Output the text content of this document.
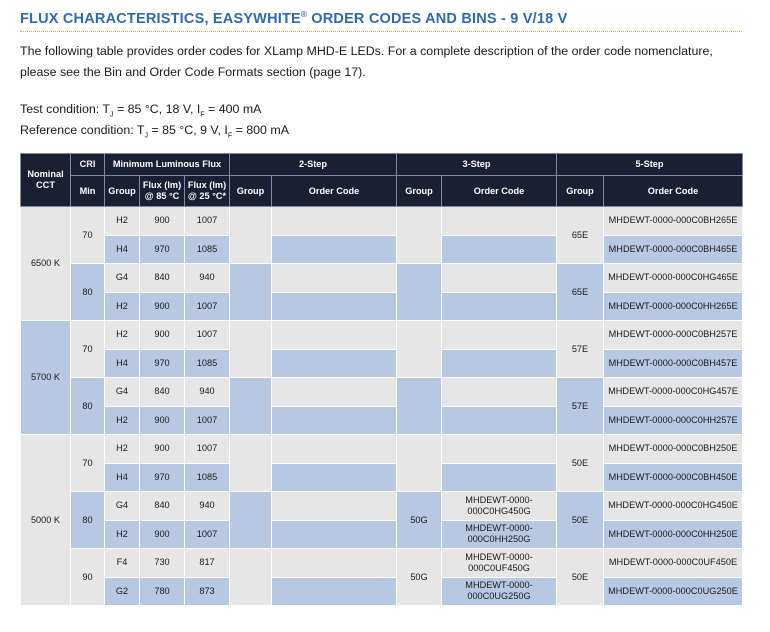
FLUX CHARACTERISTICS, EASYWHITE® ORDER CODES AND BINS - 9 V/18 V
The following table provides order codes for XLamp MHD-E LEDs. For a complete description of the order code nomenclature, please see the Bin and Order Code Formats section (page 17).
Test condition: $T_J = 85$ °C, 18 V, $I_F = 400$ mA
Reference condition: $T_J = 85$ °C, 9 V, $I_F = 800$ mA
Nominal CCT	CRI	Minimum Luminous Flux			2-Step		3-Step		5-Step	
	Min	Group	Flux (lm) @ 85 °C	Flux (lm) @ 25 °C*	Group	Order Code	Group	Order Code	Group	Order Code
6500 K	70	H2	900	1007					65E	MHDEWT-0000-000C0BH265E
		H4	970	1085						MHDEWT-0000-000C0BH465E
	80	G4	840	940					65E	MHDEWT-0000-000C0HG465E
		H2	900	1007						MHDEWT-0000-000C0HH265E
5700 K	70	H2	900	1007					57E	MHDEWT-0000-000C0BH257E
		H4	970	1085						MHDEWT-0000-000C0BH457E
	80	G4	840	940					57E	MHDEWT-0000-000C0HG457E
		H2	900	1007						MHDEWT-0000-000C0HH257E
5000 K	70	H2	900	1007					50E	MHDEWT-0000-000C0BH250E
		H4	970	1085						MHDEWT-0000-000C0BH450E
	80	G4	840	940			50G	MHDEWT-0000-000C0HG450G	50E	MHDEWT-0000-000C0HG450E
		H2	900	1007				MHDEWT-0000-000C0HH250G		MHDEWT-0000-000C0HH250E
	90	F4	730	817			50G	MHDEWT-0000-000C0UF450G	50E	MHDEWT-0000-000C0UF450E
		G2	780	873				MHDEWT-0000-000C0UG250G		MHDEWT-0000-000C0UG250E
